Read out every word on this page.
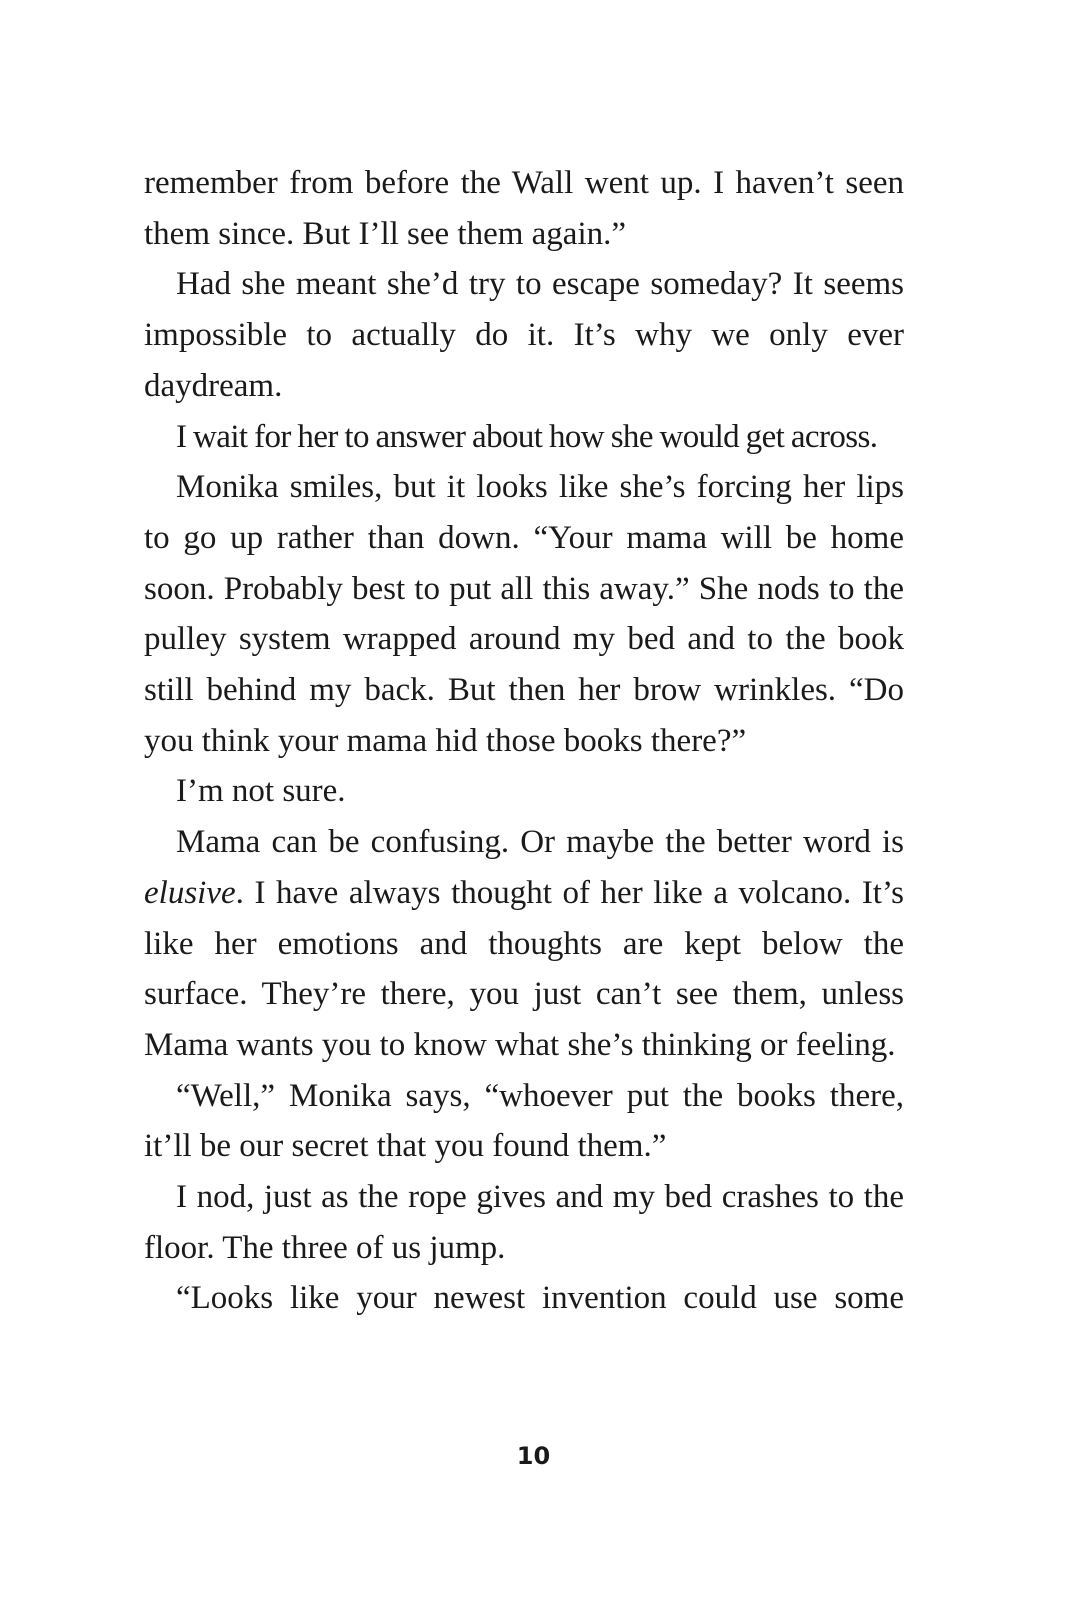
remember from before the Wall went up. I haven’t seen them since. But I’ll see them again.”

Had she meant she’d try to escape someday? It seems impossible to actually do it. It’s why we only ever daydream.

I wait for her to answer about how she would get across.

Monika smiles, but it looks like she’s forcing her lips to go up rather than down. “Your mama will be home soon. Probably best to put all this away.” She nods to the pulley system wrapped around my bed and to the book still behind my back. But then her brow wrinkles. “Do you think your mama hid those books there?”

I’m not sure.

Mama can be confusing. Or maybe the better word is elusive. I have always thought of her like a volcano. It’s like her emotions and thoughts are kept below the surface. They’re there, you just can’t see them, unless Mama wants you to know what she’s thinking or feeling.

“Well,” Monika says, “whoever put the books there, it’ll be our secret that you found them.”

I nod, just as the rope gives and my bed crashes to the floor. The three of us jump.

“Looks like your newest invention could use some

10
